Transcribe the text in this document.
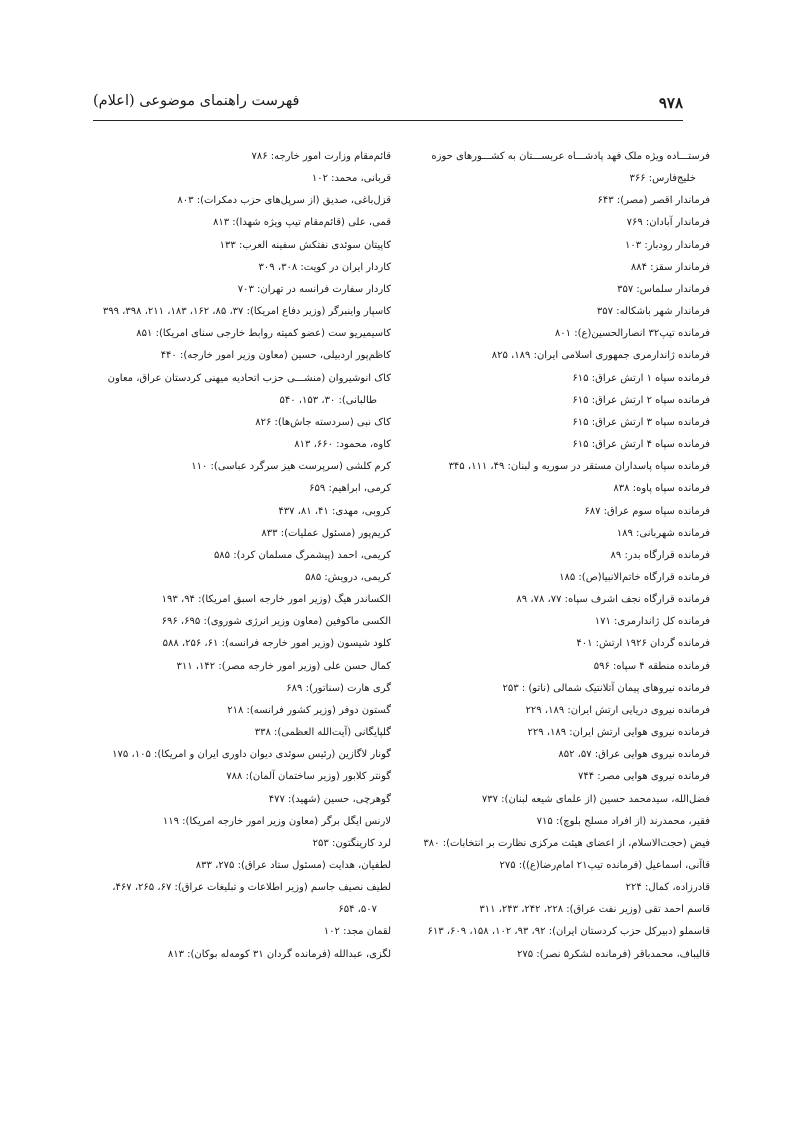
۹۷۸
فهرست راهنمای موضوعی (اعلام)

فرستـــاده ویژه ملک فهد پادشـــاه عربســـتان به کشـــورهای حوزه

خلیج‌فارس: ۳۶۶

فرماندار اقصر (مصر): ۶۴۳

فرماندار آبادان: ۷۶۹

فرماندار رودبار: ۱۰۳

فرماندار سقز: ۸۸۴

فرماندار سلماس: ۳۵۷

فرماندار شهر باشکاله: ۳۵۷

فرمانده تیپ۳۲ انصارالحسین(ع): ۸۰۱

فرمانده ژاندارمری جمهوری اسلامی ایران: ۱۸۹، ۸۲۵

فرمانده سپاه ۱ ارتش عراق: ۶۱۵

فرمانده سپاه ۲ ارتش عراق: ۶۱۵

فرمانده سپاه ۳ ارتش عراق: ۶۱۵

فرمانده سپاه ۴ ارتش عراق: ۶۱۵

فرمانده سپاه پاسداران مستقر در سوریه و لبنان: ۴۹، ۱۱۱، ۳۴۵

فرمانده سپاه پاوه: ۸۳۸

فرمانده سپاه سوم عراق: ۶۸۷

فرمانده شهربانی: ۱۸۹

فرمانده قرارگاه بدر: ۸۹

فرمانده قرارگاه خاتم‌الانبیا(ص): ۱۸۵

فرمانده قرارگاه نجف اشرف سپاه: ۷۷، ۷۸، ۸۹

فرمانده کل ژاندارمری: ۱۷۱

فرمانده گردان ۱۹۲۶ ارتش: ۴۰۱

فرمانده منطقه ۴ سپاه: ۵۹۶

فرمانده نیروهای پیمان آتلانتیک شمالی (ناتو) : ۲۵۳

فرمانده نیروی دریایی ارتش ایران: ۱۸۹، ۲۲۹

فرمانده نیروی هوایی ارتش ایران: ۱۸۹، ۲۲۹

فرمانده نیروی هوایی عراق: ۵۷، ۸۵۲

فرمانده نیروی هوایی مصر: ۷۴۴

فضل‌الله، سیدمحمد حسین (از علمای شیعه لبنان): ۷۳۷

فقیر، محمدرند (از افراد مسلح بلوچ): ۷۱۵

فیض (حجت‌الاسلام، از اعضای هیئت مرکزی نظارت بر انتخابات): ۳۸۰

قاآنی، اسماعیل (فرمانده تیپ۲۱ امام‌رضا(ع)): ۲۷۵

قادرزاده، کمال: ۲۲۴

قاسم احمد تقی (وزیر نفت عراق): ۲۲۸، ۲۴۲، ۲۴۳، ۳۱۱

قاسملو (دبیرکل حزب کردستان ایران): ۹۲، ۹۳، ۱۰۲، ۱۵۸، ۶۰۹، ۶۱۳

قالیباف، محمدباقر (فرمانده لشکر۵ نصر): ۲۷۵

قائم‌مقام وزارت امور خارجه: ۷۸۶

قربانی، محمد: ۱۰۲

قزل‌باغی، صدیق (از سرپل‌های حزب دمکرات): ۸۰۳

قمی، علی (قائم‌مقام تیپ ویژه شهدا): ۸۱۳

کاپیتان سوئدی نفتکش سفینه العرب: ۱۳۳

کاردار ایران در کویت: ۳۰۸، ۳۰۹

کاردار سفارت فرانسه در تهران: ۷۰۳

کاسپار واینبرگر (وزیر دفاع امریکا): ۳۷، ۸۵، ۱۶۲، ۱۸۳، ۲۱۱، ۳۹۸، ۳۹۹

کاسیمیریو ست (عضو کمیته روابط خارجی سنای امریکا): ۸۵۱

کاظم‌پور اردبیلی، حسین (معاون وزیر امور خارجه): ۴۴۰

کاک انوشیروان (منشـــی حزب اتحادیه میهنی کردستان عراق، معاون

طالبانی): ۳۰، ۱۵۳، ۵۴۰

کاک نبی (سردسته جاش‌ها): ۸۲۶

کاوه، محمود: ۶۶۰، ۸۱۳

کرم کلشی (سرپرست هیز سرگرد عباسی): ۱۱۰

کرمی، ابراهیم: ۶۵۹

کروبی، مهدی: ۴۱، ۸۱، ۴۳۷

کریم‌پور (مسئول عملیات): ۸۳۳

کریمی، احمد (پیشمرگ مسلمان کرد): ۵۸۵

کریمی، درویش: ۵۸۵

الکساندر هیگ (وزیر امور خارجه اسبق امریکا): ۹۴، ۱۹۳

الکسی ماکوفین (معاون وزیر انرژی شوروی): ۶۹۵، ۶۹۶

کلود شیسون (وزیر امور خارجه فرانسه): ۶۱، ۲۵۶، ۵۸۸

کمال حسن علی (وزیر امور خارجه مصر): ۱۴۲، ۳۱۱

گری هارت (سناتور): ۶۸۹

گستون دوفر (وزیر کشور فرانسه): ۲۱۸

گلپایگانی (آیت‌الله العظمی): ۳۳۸

گونار لاگازین (رئیس سوئدی دیوان داوری ایران و امریکا): ۱۰۵، ۱۷۵

گونتر کلابور (وزیر ساختمان آلمان): ۷۸۸

گوهرچی، حسین (شهید): ۴۷۷

لارنس ایگل برگر (معاون وزیر امور خارجه امریکا): ۱۱۹

لرد کارینگتون: ۲۵۳

لطفیان، هدایت (مسئول ستاد عراق): ۲۷۵، ۸۳۳

لطیف نصیف جاسم (وزیر اطلاعات و تبلیغات عراق): ۶۷، ۲۶۵، ۴۶۷،

۵۰۷، ۶۵۴

لقمان مجد: ۱۰۲

لگزی، عبدالله (فرمانده گردان ۳۱ کومه‌له بوکان): ۸۱۳
